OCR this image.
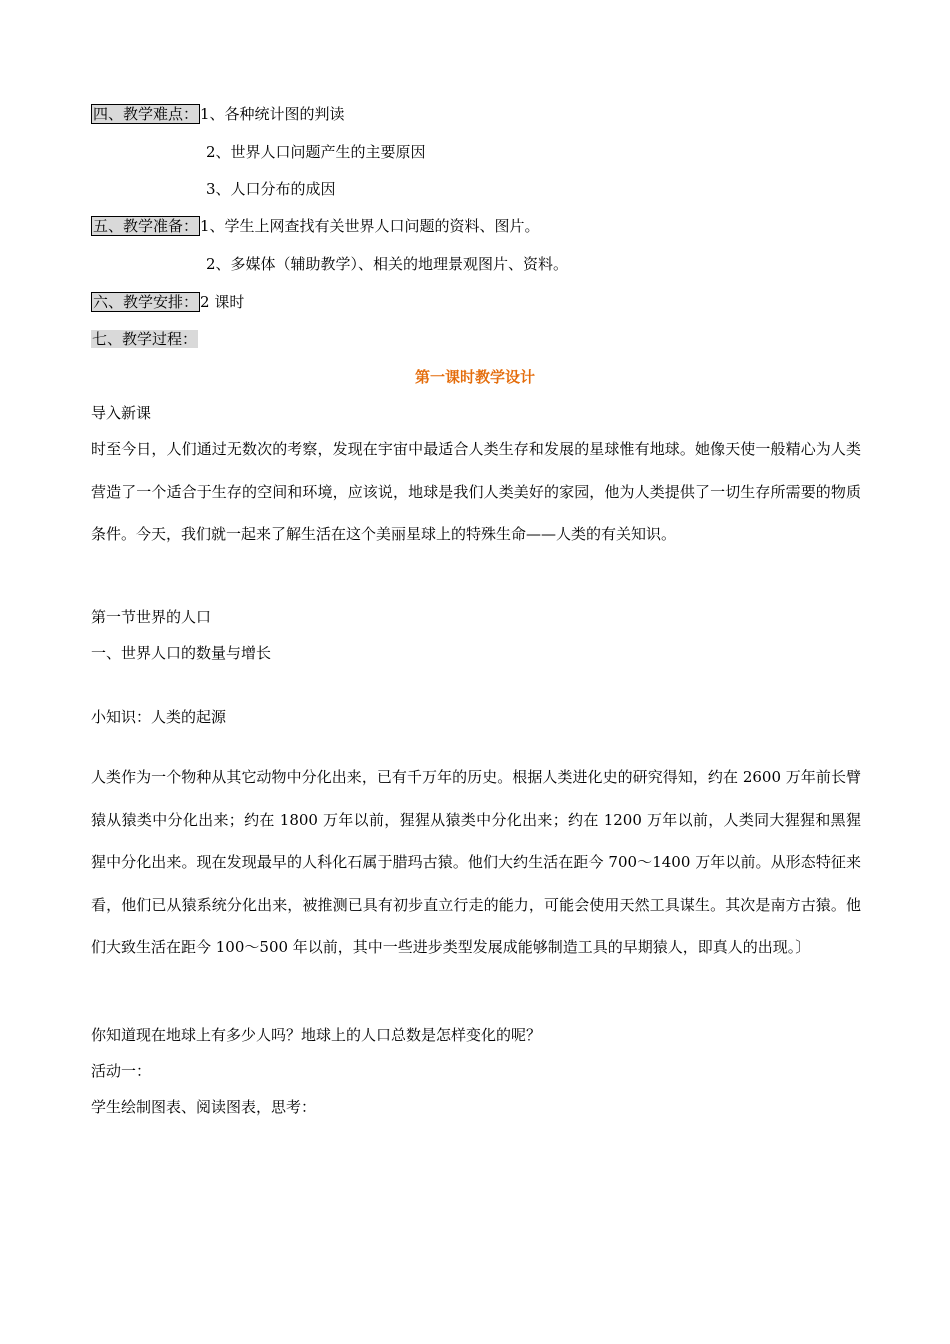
四、教学难点： 1、各种统计图的判读
2、世界人口问题产生的主要原因
3、人口分布的成因
五、教学准备： 1、学生上网查找有关世界人口问题的资料、图片。
2、多媒体（辅助教学）、相关的地理景观图片、资料。
六、教学安排： 2 课时
七、教学过程：
第一课时教学设计
导入新课
时至今日，人们通过无数次的考察，发现在宇宙中最适合人类生存和发展的星球惟有地球。她像天使一般精心为人类营造了一个适合于生存的空间和环境，应该说，地球是我们人类美好的家园，他为人类提供了一切生存所需要的物质条件。今天，我们就一起来了解生活在这个美丽星球上的特殊生命——人类的有关知识。
第一节世界的人口
一、世界人口的数量与增长
小知识：人类的起源
人类作为一个物种从其它动物中分化出来，已有千万年的历史。根据人类进化史的研究得知，约在 2600 万年前长臂猿从猿类中分化出来；约在 1800 万年以前，猩猩从猿类中分化出来；约在 1200 万年以前，人类同大猩猩和黑猩猩中分化出来。现在发现最早的人科化石属于腊玛古猿。他们大约生活在距今 700～1400 万年以前。从形态特征来看，他们已从猿系统分化出来，被推测已具有初步直立行走的能力，可能会使用天然工具谋生。其次是南方古猿。他们大致生活在距今 100～500 年以前，其中一些进步类型发展成能够制造工具的早期猿人，即真人的出现。〕
你知道现在地球上有多少人吗？地球上的人口总数是怎样变化的呢？
活动一：
学生绘制图表、阅读图表，思考：
